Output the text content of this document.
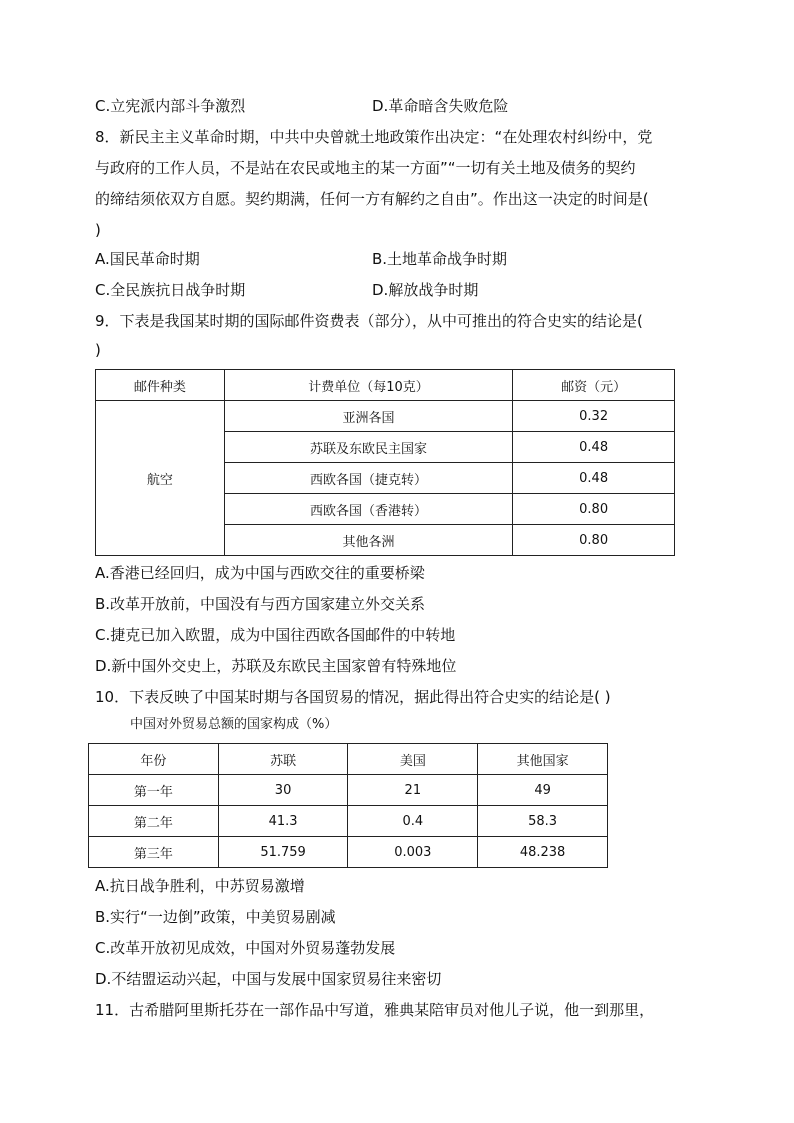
C.立宪派内部斗争激烈	D.革命暗含失败危险
8．新民主主义革命时期，中共中央曾就土地政策作出决定：“在处理农村纠纷中，党
与政府的工作人员，不是站在农民或地主的某一方面”“一切有关土地及债务的契约
的缔结须依双方自愿。契约期满，任何一方有解约之自由”。作出这一决定的时间是(
)
A.国民革命时期	B.土地革命战争时期
C.全民族抗日战争时期	D.解放战争时期
9．下表是我国某时期的国际邮件资费表（部分），从中可推出的符合史实的结论是(
)
邮件种类	计费单位（每10克）	邮资（元）
航空	亚洲各国	0.32
	苏联及东欧民主国家	0.48
	西欧各国（捷克转）	0.48
	西欧各国（香港转）	0.80
	其他各洲	0.80
A.香港已经回归，成为中国与西欧交往的重要桥梁
B.改革开放前，中国没有与西方国家建立外交关系
C.捷克已加入欧盟，成为中国往西欧各国邮件的中转地
D.新中国外交史上，苏联及东欧民主国家曾有特殊地位
10．下表反映了中国某时期与各国贸易的情况，据此得出符合史实的结论是( )
中国对外贸易总额的国家构成（%）
年份	苏联	美国	其他国家
第一年	30	21	49
第二年	41.3	0.4	58.3
第三年	51.759	0.003	48.238
A.抗日战争胜利，中苏贸易激增
B.实行“一边倒”政策，中美贸易剧减
C.改革开放初见成效，中国对外贸易蓬勃发展
D.不结盟运动兴起，中国与发展中国家贸易往来密切
11．古希腊阿里斯托芬在一部作品中写道，雅典某陪审员对他儿子说，他一到那里，
